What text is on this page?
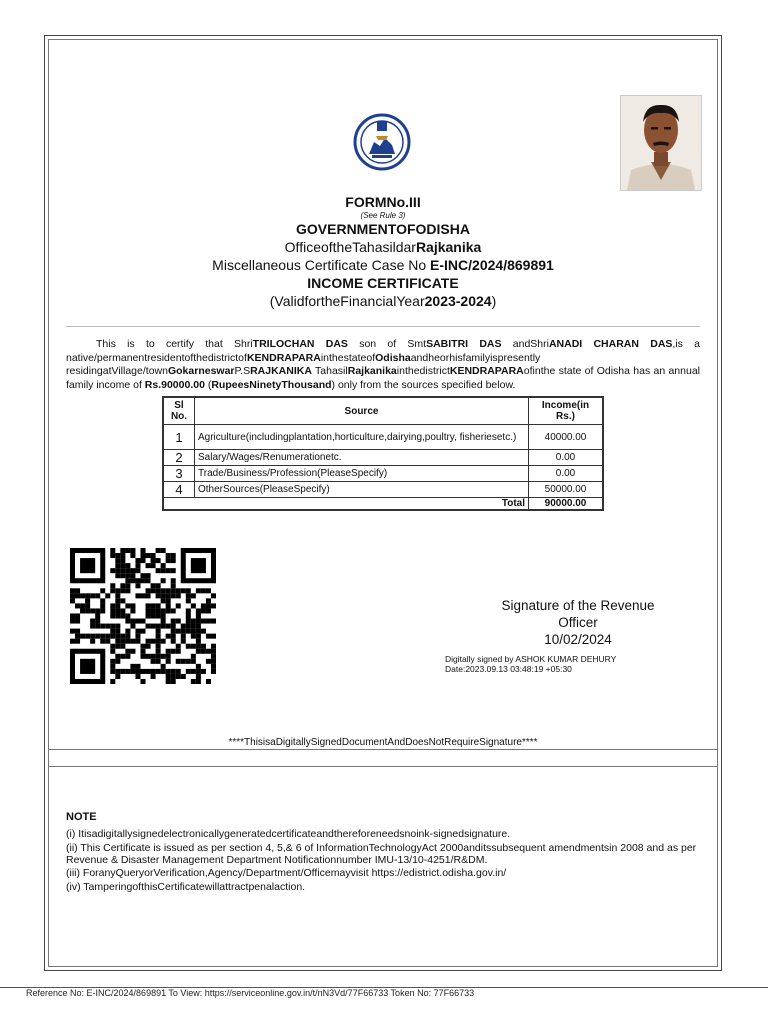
FORMNo.III
(See Rule 3)
GOVERNMENTOFODISHA
OfficeoftheTahasildarRajkanika
Miscellaneous Certificate Case No E-INC/2024/869891
INCOME CERTIFICATE
(ValidfortheFinancialYear2023-2024)
This is to certify that ShriTRILOCHAN DAS son of SmtSABITRI DAS andShriANADI CHARAN DAS,is a native/permanentresidentofthedistrictofKENDRAPARAinthestateofOdishaandheorhisfamilyispresently residingatVillage/townGokarneswarP.SRAJKANIKA TahasilRajkanikainthedistrictKENDRAPARAofinthe state of Odisha has an annual family income of Rs.90000.00 (RupeesNinetyThousand) only from the sources specified below.
Sl No.	Source	Income(in Rs.)
1	Agriculture(includingplantation,horticulture,dairying,poultry, fisheriesetc.)	40000.00
2	Salary/Wages/Renumerationetc.	0.00
3	Trade/Business/Profession(PleaseSpecify)	0.00
4	OtherSources(PleaseSpecify)	50000.00
Total		90000.00
Signature of the Revenue
Officer
10/02/2024
Digitally signed by ASHOK KUMAR DEHURY
Date:2023.09.13 03:48:19 +05:30
****ThisisaDigitallySignedDocumentAndDoesNotRequireSignature****
NOTE
(i) Itisadigitallysignedelectronicallygeneratedcertificateandthereforeneedsnoink-signedsignature.
(ii) This Certificate is issued as per section 4, 5,& 6 of InformationTechnologyAct 2000anditssubsequent amendmentsin 2008 and as per Revenue & Disaster Management Department Notificationnumber IMU-13/10-4251/R&DM.
(iii) ForanyQueryorVerification,Agency/Department/Officemayvisit https://edistrict.odisha.gov.in/
(iv) TamperingofthisCertificatewillattractpenalaction.
Reference No: E-INC/2024/869891 To View: https://serviceonline.gov.in/t/nN3Vd/77F66733 Token No: 77F66733
